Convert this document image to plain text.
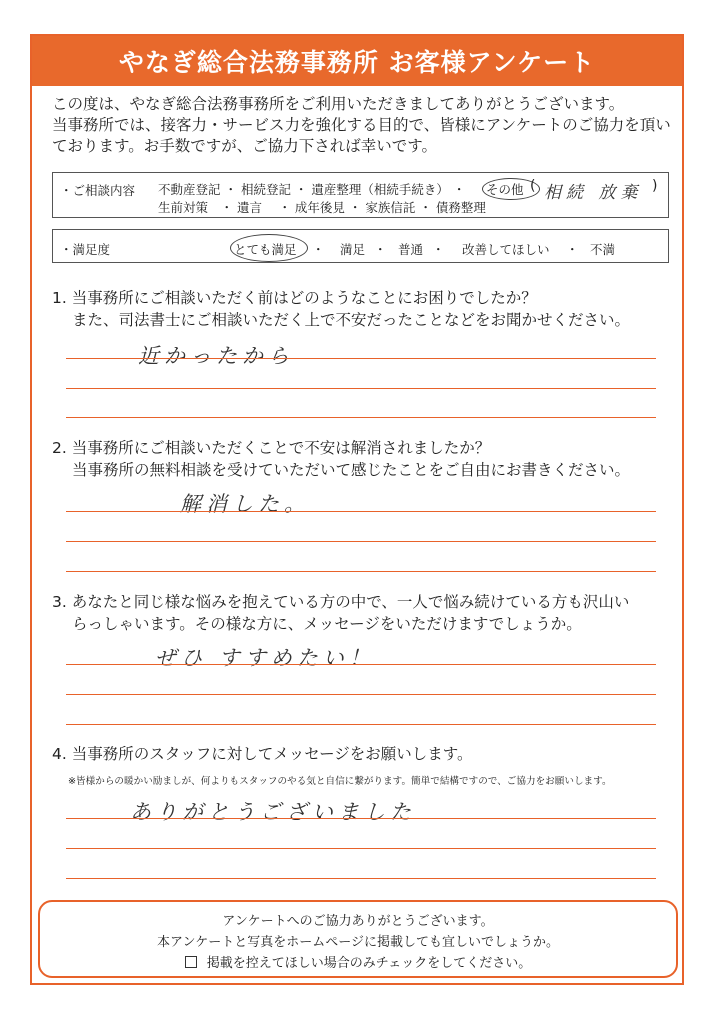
やなぎ総合法務事務所 お客様アンケート
この度は、やなぎ総合法務事務所をご利用いただきましてありがとうございます。
当事務所では、接客力・サービス力を強化する目的で、皆様にアンケートのご協力を頂い
ております。お手数ですが、ご協力下されば幸いです。
・ご相談内容 不動産登記 ・ 相続登記 ・ 遺産整理（相続手続き） ・
生前対策　・ 遺言　 ・ 成年後見 ・ 家族信託 ・ 債務整理
その他 ( 相続 放棄 )
・満足度	とても満足 ・ 満足 ・ 普通 ・ 改善してほしい ・ 不満
1. 当事務所にご相談いただく前はどのようなことにお困りでしたか？
また、司法書士にご相談いただく上で不安だったことなどをお聞かせください。
近かったから
2. 当事務所にご相談いただくことで不安は解消されましたか？
当事務所の無料相談を受けていただいて感じたことをご自由にお書きください。
解消した。
3. あなたと同じ様な悩みを抱えている方の中で、一人で悩み続けている方も沢山い
らっしゃいます。その様な方に、メッセージをいただけますでしょうか。
ぜひ すすめたい！
4. 当事務所のスタッフに対してメッセージをお願いします。
※皆様からの暖かい励ましが、何よりもスタッフのやる気と自信に繋がります。簡単で結構ですので、ご協力をお願いします。
ありがとうございました
アンケートへのご協力ありがとうございます。
本アンケートと写真をホームページに掲載しても宜しいでしょうか。
掲載を控えてほしい場合のみチェックをしてください。
